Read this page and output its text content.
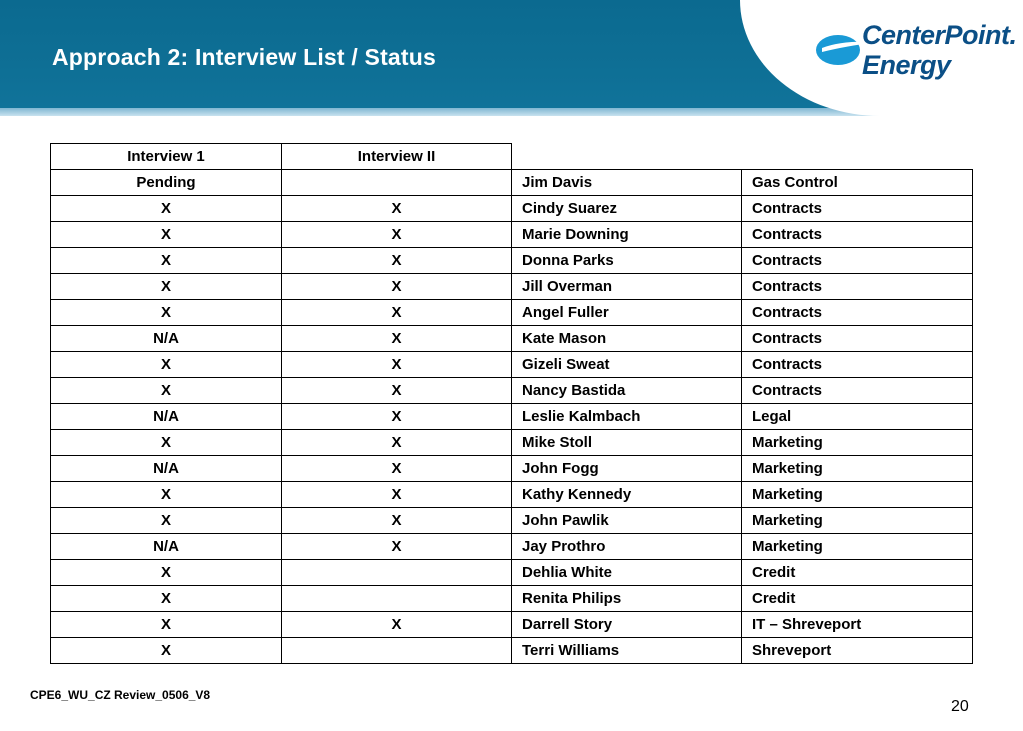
Approach 2: Interview List / Status
CenterPoint.
Energy
Interview 1	Interview II		
Pending		Jim Davis	Gas Control
X	X	Cindy Suarez	Contracts
X	X	Marie Downing	Contracts
X	X	Donna Parks	Contracts
X	X	Jill Overman	Contracts
X	X	Angel Fuller	Contracts
N/A	X	Kate Mason	Contracts
X	X	Gizeli Sweat	Contracts
X	X	Nancy Bastida	Contracts
N/A	X	Leslie Kalmbach	Legal
X	X	Mike Stoll	Marketing
N/A	X	John Fogg	Marketing
X	X	Kathy Kennedy	Marketing
X	X	John Pawlik	Marketing
N/A	X	Jay Prothro	Marketing
X		Dehlia White	Credit
X		Renita Philips	Credit
X	X	Darrell Story	IT – Shreveport
X		Terri Williams	Shreveport
CPE6_WU_CZ Review_0506_V8
20
